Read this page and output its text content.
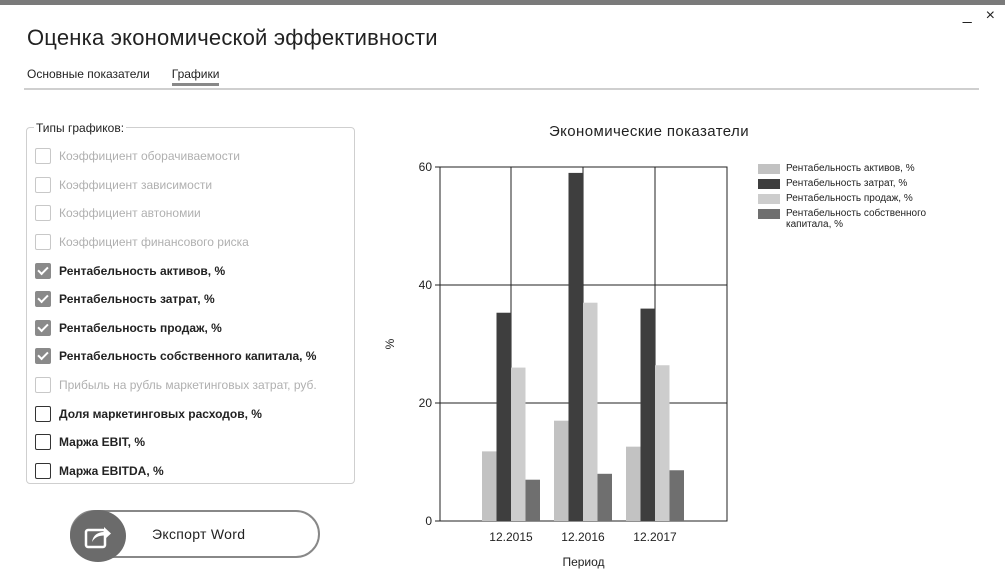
_ ×
Оценка экономической эффективности
Основные показатели Графики
Типы графиков:
Коэффициент оборачиваемости
Коэффициент зависимости
Коэффициент автономии
Коэффициент финансового риска
Рентабельность активов, %
Рентабельность затрат, %
Рентабельность продаж, %
Рентабельность собственного капитала, %
Прибыль на рубль маркетинговых затрат, руб.
Доля маркетинговых расходов, %
Маржа EBIT, %
Маржа EBITDA, %
Экспорт Word
Экономические показатели
0
20
40
60
12.2015 12.2016 12.2017
Период
%
Рентабельность активов, %
Рентабельность затрат, %
Рентабельность продаж, %
Рентабельность собственного капитала, %
